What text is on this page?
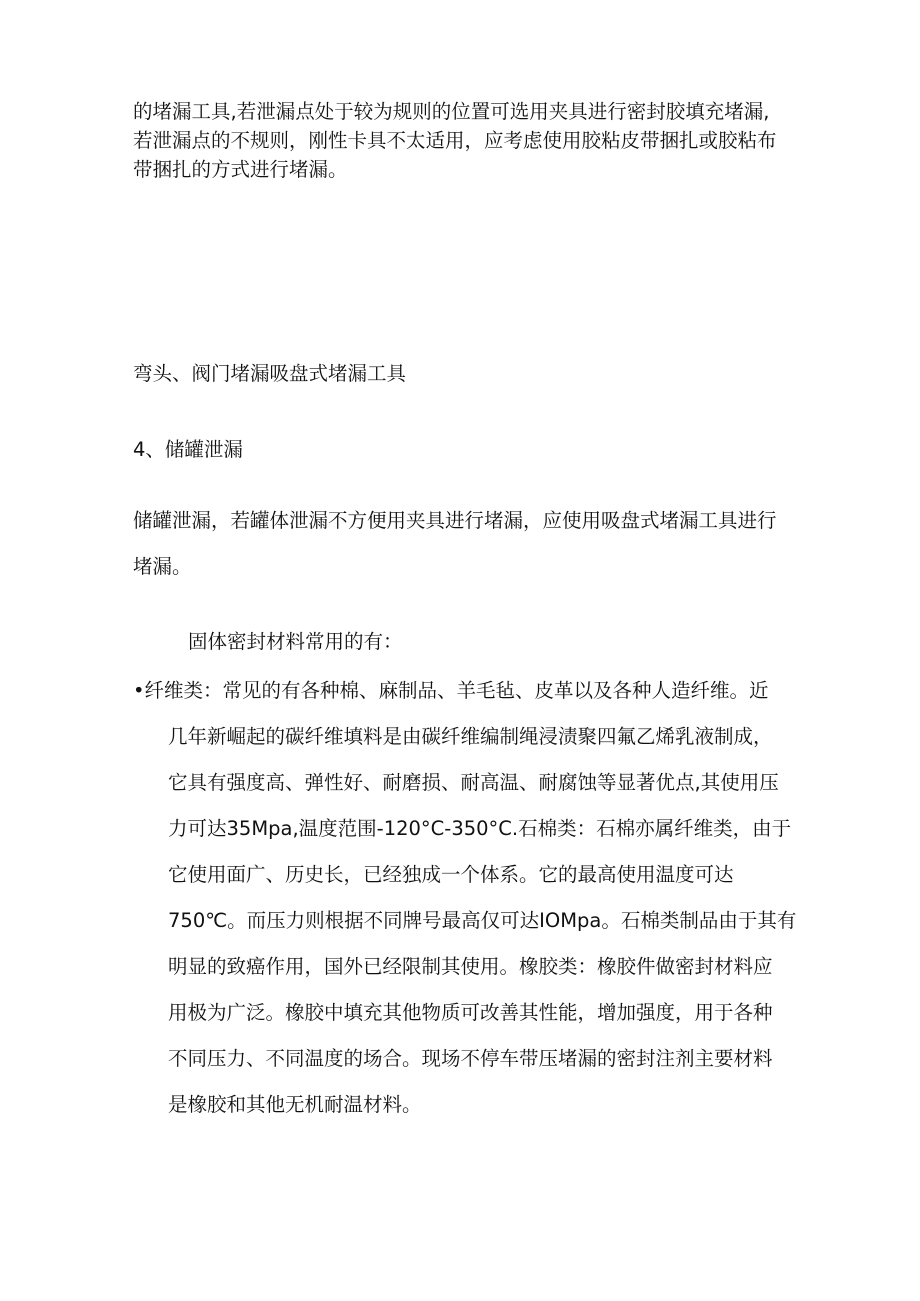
的堵漏工具,若泄漏点处于较为规则的位置可选用夹具进行密封胶填充堵漏,
若泄漏点的不规则，刚性卡具不太适用，应考虑使用胶粘皮带捆扎或胶粘布
带捆扎的方式进行堵漏。
弯头、阀门堵漏吸盘式堵漏工具
4、储罐泄漏
储罐泄漏，若罐体泄漏不方便用夹具进行堵漏，应使用吸盘式堵漏工具进行
堵漏。
固体密封材料常用的有：
•纤维类：常见的有各种棉、麻制品、羊毛毡、皮革以及各种人造纤维。近
几年新崛起的碳纤维填料是由碳纤维编制绳浸渍聚四氟乙烯乳液制成，
它具有强度高、弹性好、耐磨损、耐高温、耐腐蚀等显著优点,其使用压
力可达35Mpa,温度范围-120°C-350°C.石棉类：石棉亦属纤维类，由于
它使用面广、历史长，已经独成一个体系。它的最高使用温度可达
750℃。而压力则根据不同牌号最高仅可达IOMpa。石棉类制品由于其有
明显的致癌作用，国外已经限制其使用。橡胶类：橡胶件做密封材料应
用极为广泛。橡胶中填充其他物质可改善其性能，增加强度，用于各种
不同压力、不同温度的场合。现场不停车带压堵漏的密封注剂主要材料
是橡胶和其他无机耐温材料。
